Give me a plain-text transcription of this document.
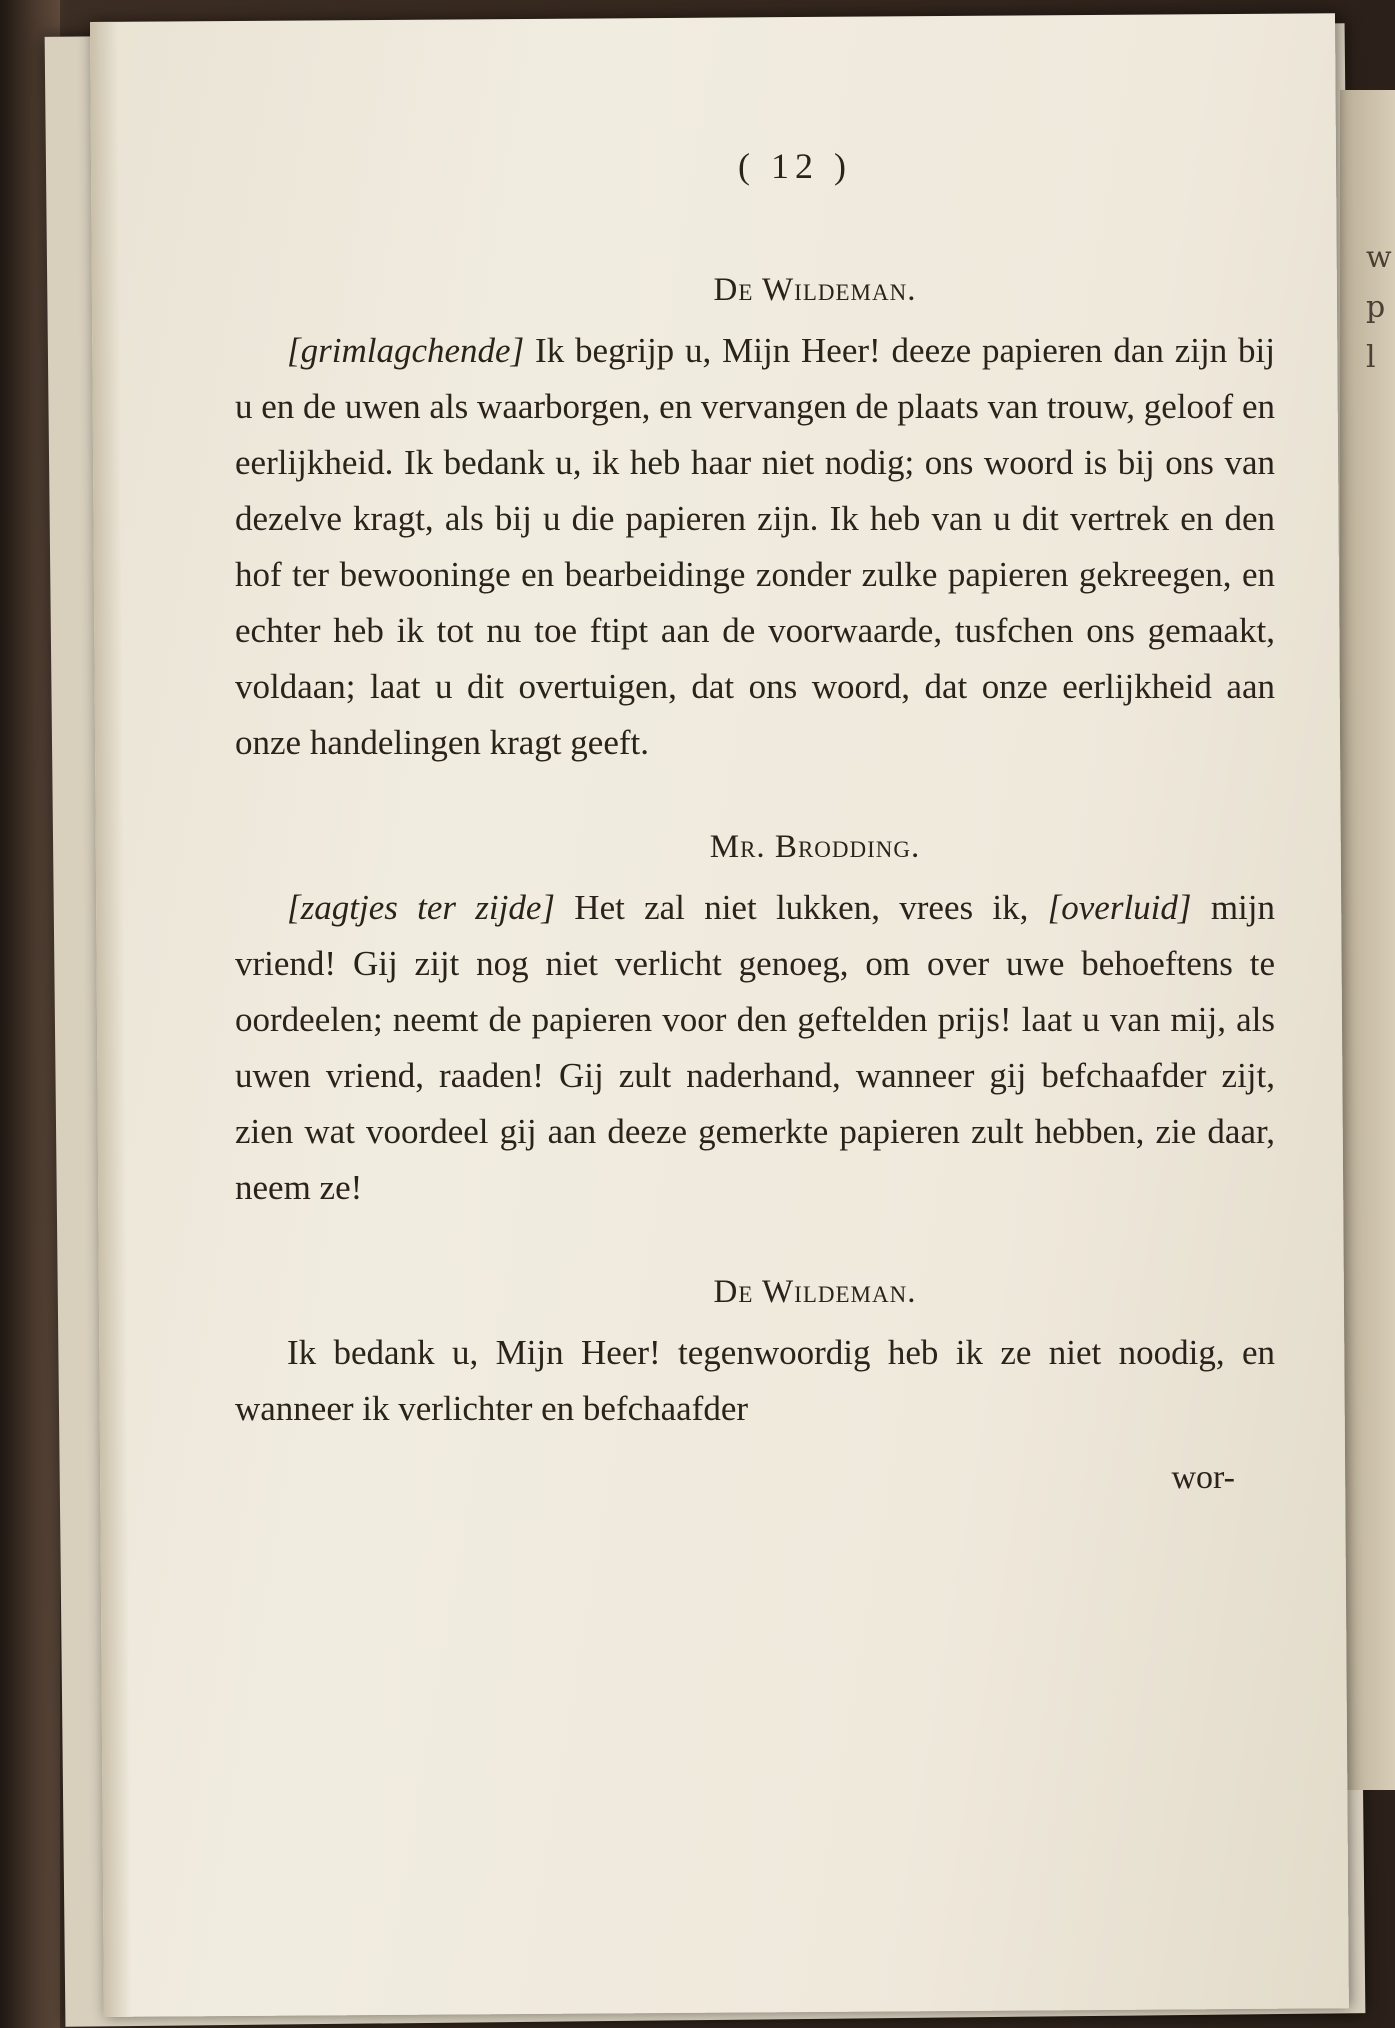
w
p
l
( 12 )
De Wildeman.

[grimlagchende] Ik begrijp u, Mijn Heer! deeze papieren dan zijn bij u en de uwen als waarborgen, en vervangen de plaats van trouw, geloof en eerlijkheid. Ik bedank u, ik heb haar niet nodig; ons woord is bij ons van dezelve kragt, als bij u die papieren zijn. Ik heb van u dit vertrek en den hof ter bewooninge en bearbeidinge zonder zulke papieren gekreegen, en echter heb ik tot nu toe ftipt aan de voorwaarde, tusfchen ons gemaakt, voldaan; laat u dit overtuigen, dat ons woord, dat onze eerlijkheid aan onze handelingen kragt geeft.

Mr. Brodding.

[zagtjes ter zijde] Het zal niet lukken, vrees ik, [overluid] mijn vriend! Gij zijt nog niet verlicht genoeg, om over uwe behoeftens te oordeelen; neemt de papieren voor den geftelden prijs! laat u van mij, als uwen vriend, raaden! Gij zult naderhand, wanneer gij befchaafder zijt, zien wat voordeel gij aan deeze gemerkte papieren zult hebben, zie daar, neem ze!

De Wildeman.

Ik bedank u, Mijn Heer! tegenwoordig heb ik ze niet noodig, en wanneer ik verlichter en befchaafder

wor-
